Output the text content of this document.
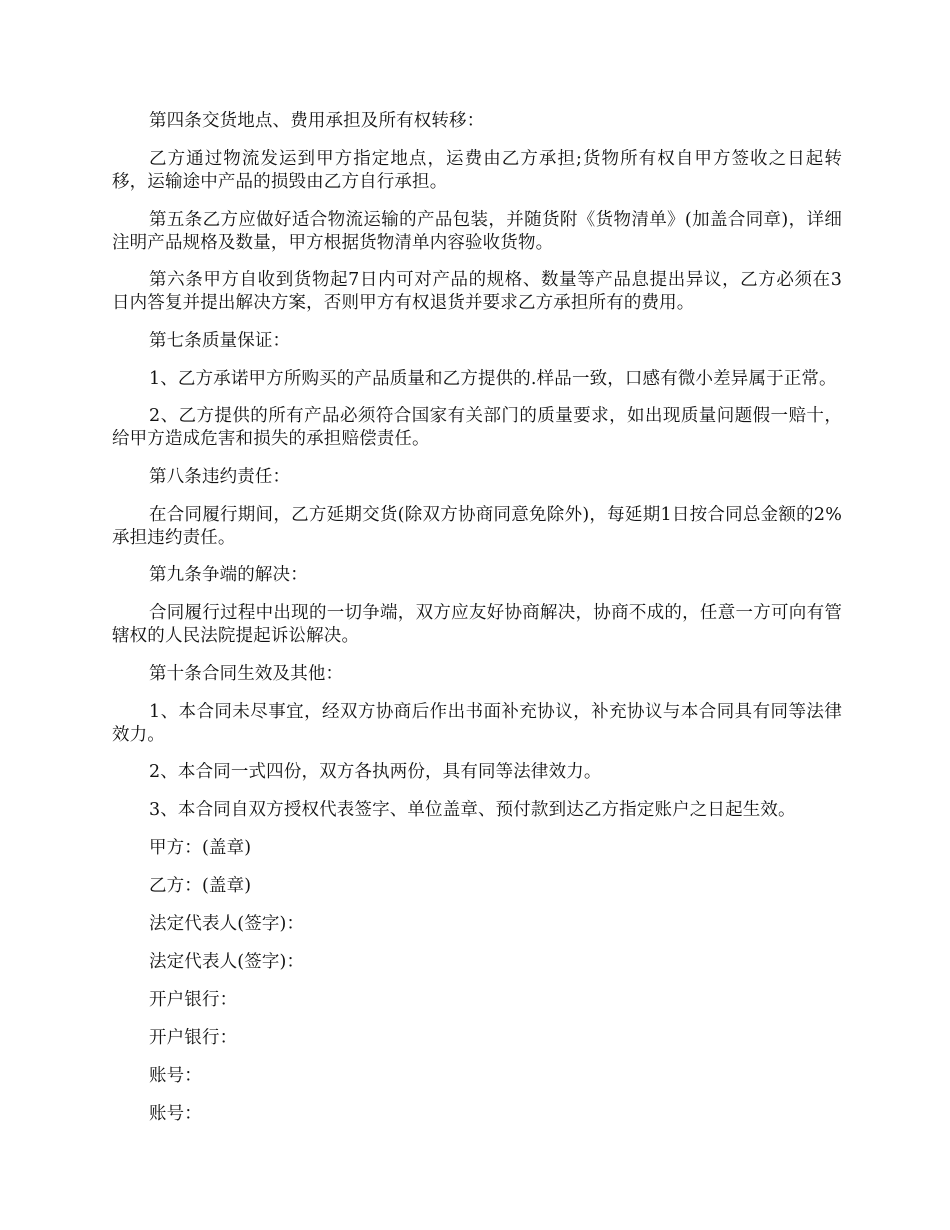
第四条交货地点、费用承担及所有权转移：

乙方通过物流发运到甲方指定地点，运费由乙方承担;货物所有权自甲方签收之日起转移，运输途中产品的损毁由乙方自行承担。

第五条乙方应做好适合物流运输的产品包装，并随货附《货物清单》(加盖合同章)，详细注明产品规格及数量，甲方根据货物清单内容验收货物。

第六条甲方自收到货物起7日内可对产品的规格、数量等产品息提出异议，乙方必须在3日内答复并提出解决方案，否则甲方有权退货并要求乙方承担所有的费用。

第七条质量保证：

1、乙方承诺甲方所购买的产品质量和乙方提供的.样品一致，口感有微小差异属于正常。

2、乙方提供的所有产品必须符合国家有关部门的质量要求，如出现质量问题假一赔十，给甲方造成危害和损失的承担赔偿责任。

第八条违约责任：

在合同履行期间，乙方延期交货(除双方协商同意免除外)，每延期1日按合同总金额的2%承担违约责任。

第九条争端的解决：

合同履行过程中出现的一切争端，双方应友好协商解决，协商不成的，任意一方可向有管辖权的人民法院提起诉讼解决。

第十条合同生效及其他：

1、本合同未尽事宜，经双方协商后作出书面补充协议，补充协议与本合同具有同等法律效力。

2、本合同一式四份，双方各执两份，具有同等法律效力。

3、本合同自双方授权代表签字、单位盖章、预付款到达乙方指定账户之日起生效。

甲方：(盖章)

乙方：(盖章)

法定代表人(签字)：

法定代表人(签字)：

开户银行：

开户银行：

账号：

账号：
